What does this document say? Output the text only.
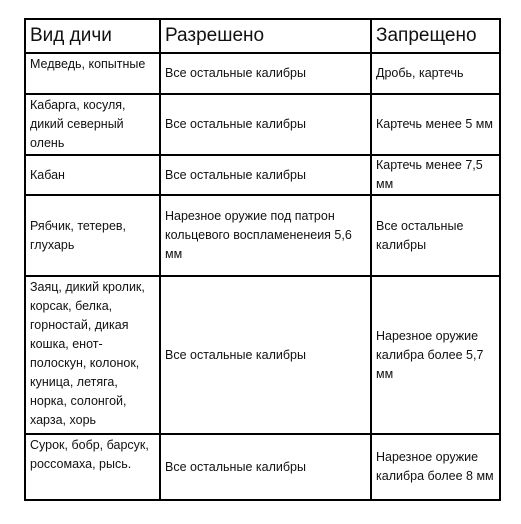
Вид дичи	Разрешено	Запрещено
Медведь, копытные	Все остальные калибры	Дробь, картечь
Кабарга, косуля, дикий северный олень	Все остальные калибры	Картечь менее 5 мм
Кабан	Все остальные калибры	Картечь менее 7,5 мм
Рябчик, тетерев, глухарь	Нарезное оружие под патрон кольцевого воспламененеия 5,6 мм	Все остальные калибры
Заяц, дикий кролик, корсак, белка, горностай, дикая кошка, енот-полоскун, колонок, куница, летяга, норка, солонгой, харза, хорь	Все остальные калибры	Нарезное оружие калибра более 5,7 мм
Сурок, бобр, барсук, россомаха, рысь.	Все остальные калибры	Нарезное оружие калибра более 8 мм
